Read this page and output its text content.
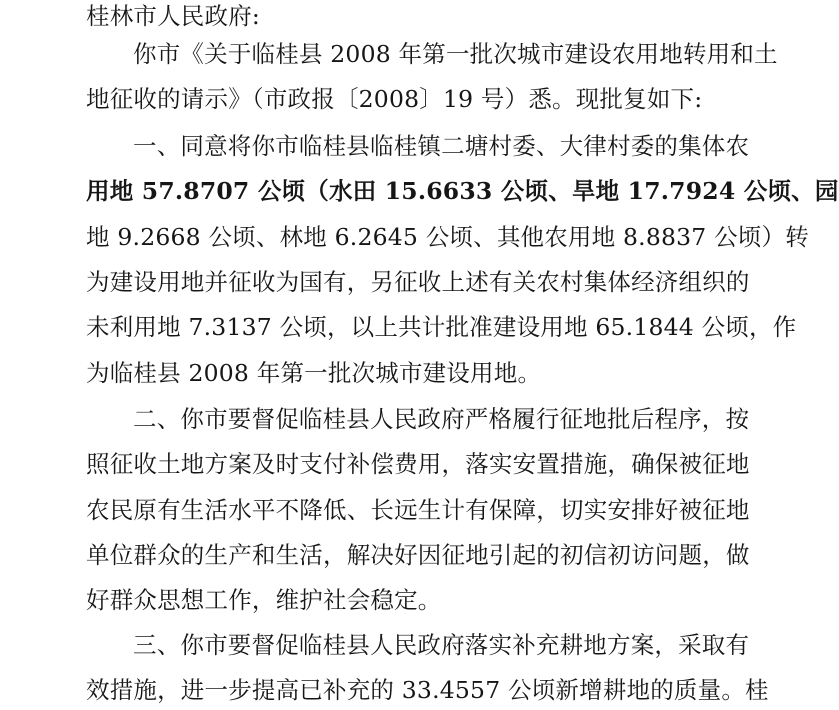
桂林市人民政府:
你市《关于临桂县 2008 年第一批次城市建设农用地转用和土
地征收的请示》（市政报〔2008〕19 号）悉。现批复如下:
一、同意将你市临桂县临桂镇二塘村委、大律村委的集体农
用地 57.8707 公顷（水田 15.6633 公顷、旱地 17.7924 公顷、园
地 9.2668 公顷、林地 6.2645 公顷、其他农用地 8.8837 公顷）转
为建设用地并征收为国有，另征收上述有关农村集体经济组织的
未利用地 7.3137 公顷，以上共计批准建设用地 65.1844 公顷，作
为临桂县 2008 年第一批次城市建设用地。
二、你市要督促临桂县人民政府严格履行征地批后程序，按
照征收土地方案及时支付补偿费用，落实安置措施，确保被征地
农民原有生活水平不降低、长远生计有保障，切实安排好被征地
单位群众的生产和生活，解决好因征地引起的初信初访问题，做
好群众思想工作，维护社会稳定。
三、你市要督促临桂县人民政府落实补充耕地方案，采取有
效措施，进一步提高已补充的 33.4557 公顷新增耕地的质量。桂
